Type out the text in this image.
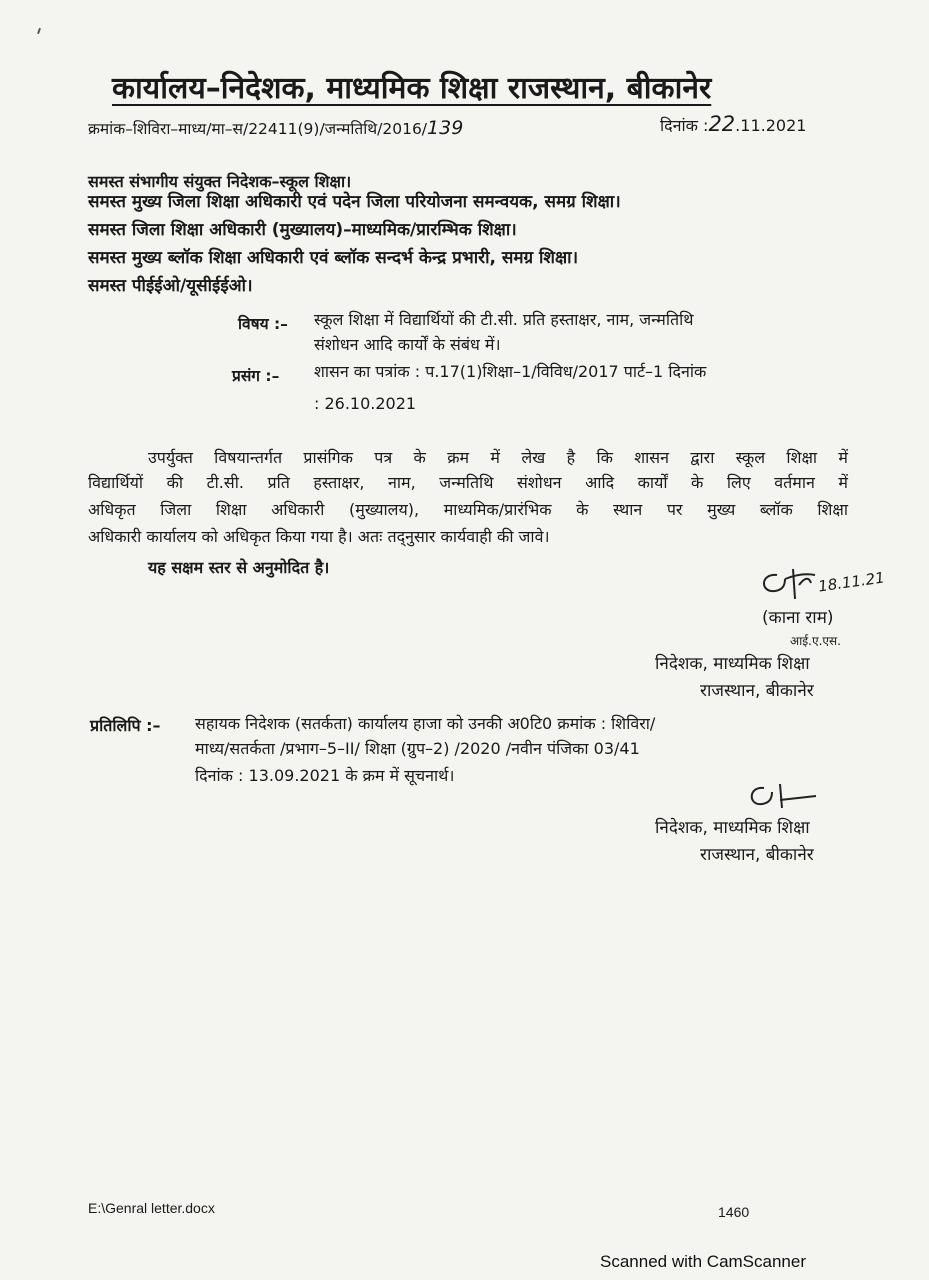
कार्यालय–निदेशक, माध्यमिक शिक्षा राजस्थान, बीकानेर
क्रमांक–शिविरा–माध्य/मा–स/22411(9)/जन्मतिथि/2016/139	दिनांक :22.11.2021
समस्त संभागीय संयुक्त निदेशक–स्कूल शिक्षा।
समस्त मुख्य जिला शिक्षा अधिकारी एवं पदेन जिला परियोजना समन्वयक, समग्र शिक्षा।
समस्त जिला शिक्षा अधिकारी (मुख्यालय)–माध्यमिक/प्रारम्भिक शिक्षा।
समस्त मुख्य ब्लॉक शिक्षा अधिकारी एवं ब्लॉक सन्दर्भ केन्द्र प्रभारी, समग्र शिक्षा।
समस्त पीईईओ/यूसीईईओ।
विषय :– स्कूल शिक्षा में विद्यार्थियों की टी.सी. प्रति हस्ताक्षर, नाम, जन्मतिथि
संशोधन आदि कार्यों के संबंध में।
प्रसंग :– शासन का पत्रांक : प.17(1)शिक्षा–1/विविध/2017 पार्ट–1 दिनांक
: 26.10.2021
उपर्युक्त विषयान्तर्गत प्रासंगिक पत्र के क्रम में लेख है कि शासन द्वारा स्कूल शिक्षा में
विद्यार्थियों की टी.सी. प्रति हस्ताक्षर, नाम, जन्मतिथि संशोधन आदि कार्यों के लिए वर्तमान में
अधिकृत जिला शिक्षा अधिकारी (मुख्यालय), माध्यमिक/प्रारंभिक के स्थान पर मुख्य ब्लॉक शिक्षा
अधिकारी कार्यालय को अधिकृत किया गया है। अतः तद्नुसार कार्यवाही की जावे।
यह सक्षम स्तर से अनुमोदित है।
18.11.21
(काना राम)
आई.ए.एस.
निदेशक, माध्यमिक शिक्षा
राजस्थान, बीकानेर
प्रतिलिपि :– सहायक निदेशक (सतर्कता) कार्यालय हाजा को उनकी अ0टि0 क्रमांक : शिविरा/
माध्य/सतर्कता /प्रभाग–5–II/ शिक्षा (ग्रुप–2) /2020 /नवीन पंजिका 03/41
दिनांक : 13.09.2021 के क्रम में सूचनार्थ।
निदेशक, माध्यमिक शिक्षा
राजस्थान, बीकानेर
E:\Genral letter.docx	1460
Scanned with CamScanner
